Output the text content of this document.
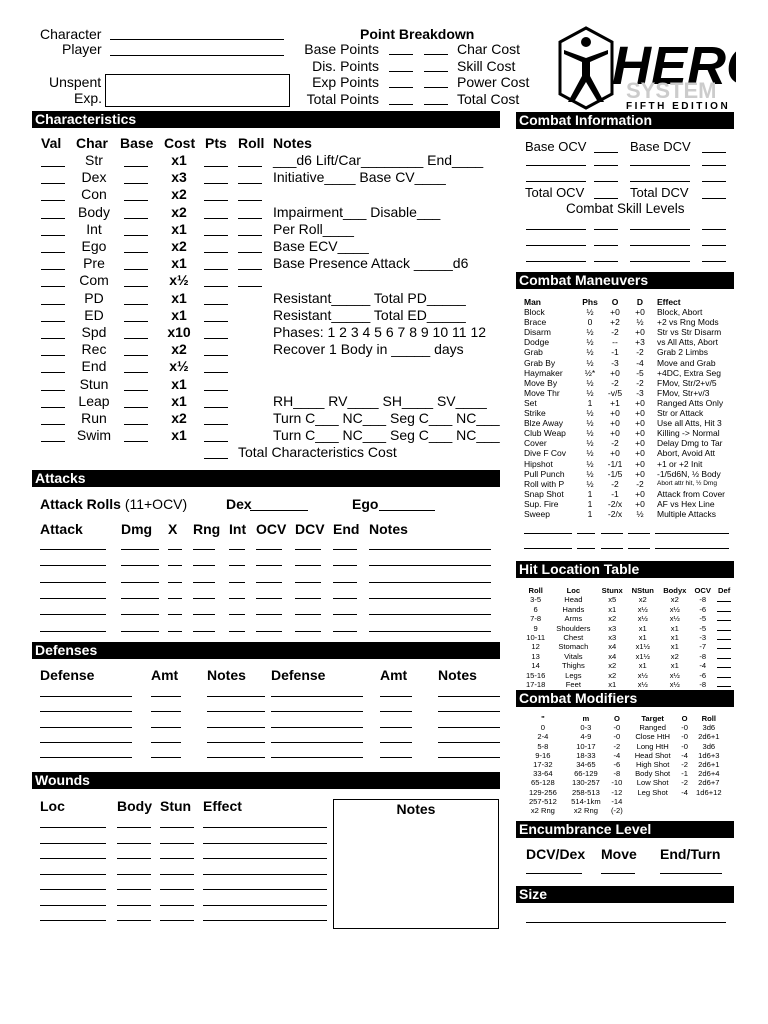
Character
Player
Unspent
Exp.
Point Breakdown
Base Points	Char Cost
Dis. Points	Skill Cost
Exp Points	Power Cost
Total Points	Total Cost
HER
SYSTEM
FIFTH EDITION
Characteristics
Val Char Base Cost Pts Roll Notes
Str	x1	___d6 Lift/Car________ End____
Dex	x3	Initiative____ Base CV____
Con	x2
Body	x2	Impairment___ Disable___
Int	x1	Per Roll____
Ego	x2	Base ECV____
Pre	x1	Base Presence Attack _____d6
Com	x½
PD	x1	Resistant_____ Total PD_____
ED	x1	Resistant_____ Total ED_____
Spd	x10	Phases: 1 2 3 4 5 6 7 8 9 10 11 12
Rec	x2	Recover 1 Body in _____ days
End	x½
Stun	x1
Leap	x1	RH____ RV____ SH____ SV____
Run	x2	Turn C___ NC___ Seg C___ NC___
Swim	x1	Turn C___ NC___ Seg C___ NC___
Total Characteristics Cost
Combat Information
Base OCV	Base DCV
Total OCV	Total DCV
Combat Skill Levels
Combat Maneuvers
Man	Phs	O	D	Effect
Block	½	+0	+0	Block, Abort
Brace	0	+2	½	+2 vs Rng Mods
Disarm	½	-2	+0	Str vs Str Disarm
Dodge	½	--	+3	vs All Atts, Abort
Grab	½	-1	-2	Grab 2 Limbs
Grab By	½	-3	-4	Move and Grab
Haymaker	½*	+0	-5	+4DC, Extra Seg
Move By	½	-2	-2	FMov, Str/2+v/5
Move Thr	½	-v/5	-3	FMov, Str+v/3
Set	1	+1	+0	Ranged Atts Only
Strike	½	+0	+0	Str or Attack
Blze Away	½	+0	+0	Use all Atts, Hit 3
Club Weap	½	+0	+0	Killing -> Normal
Cover	½	-2	+0	Delay Dmg to Tar
Dive F Cov	½	+0	+0	Abort, Avoid Att
Hipshot	½	-1/1	+0	+1 or +2 Init
Pull Punch	½	-1/5	+0	-1/5d6N, ½ Body
Roll with P	½	-2	-2	Abort attr hit, ½ Dmg
Snap Shot	1	-1	+0	Attack from Cover
Sup. Fire	1	-2/x	+0	AF vs Hex Line
Sweep	1	-2/x	½	Multiple Attacks
Hit Location Table
Roll	Loc	Stunx	NStun	Bodyx	OCV	Def
3-5	Head	x5	x2	x2	-8	
6	Hands	x1	x½	x½	-6	
7-8	Arms	x2	x½	x½	-5	
9	Shoulders	x3	x1	x1	-5	
10-11	Chest	x3	x1	x1	-3	
12	Stomach	x4	x1½	x1	-7	
13	Vitals	x4	x1½	x2	-8	
14	Thighs	x2	x1	x1	-4	
15-16	Legs	x2	x½	x½	-6	
17-18	Feet	x1	x½	x½	-8	
Combat Modifiers
"	m	O	Target	O	Roll
0	0-3	-0	Ranged	-0	3d6
2-4	4-9	-0	Close HtH	-0	2d6+1
5-8	10-17	-2	Long HtH	-0	3d6
9-16	18-33	-4	Head Shot	-4	1d6+3
17-32	34-65	-6	High Shot	-2	2d6+1
33-64	66-129	-8	Body Shot	-1	2d6+4
65-128	130-257	-10	Low Shot	-2	2d6+7
129-256	258-513	-12	Leg Shot	-4	1d6+12
257-512	514-1km	-14			
x2 Rng	x2 Rng	(-2)			
Encumbrance Level
DCV/Dex Move End/Turn
Size
Attacks
Attack Rolls (11+OCV)	Dex	Ego
Attack	Dmg X Rng Int OCV DCV End Notes
Defenses
Defense	Amt Notes Defense	Amt Notes
Wounds
Loc	Body Stun Effect	Notes
